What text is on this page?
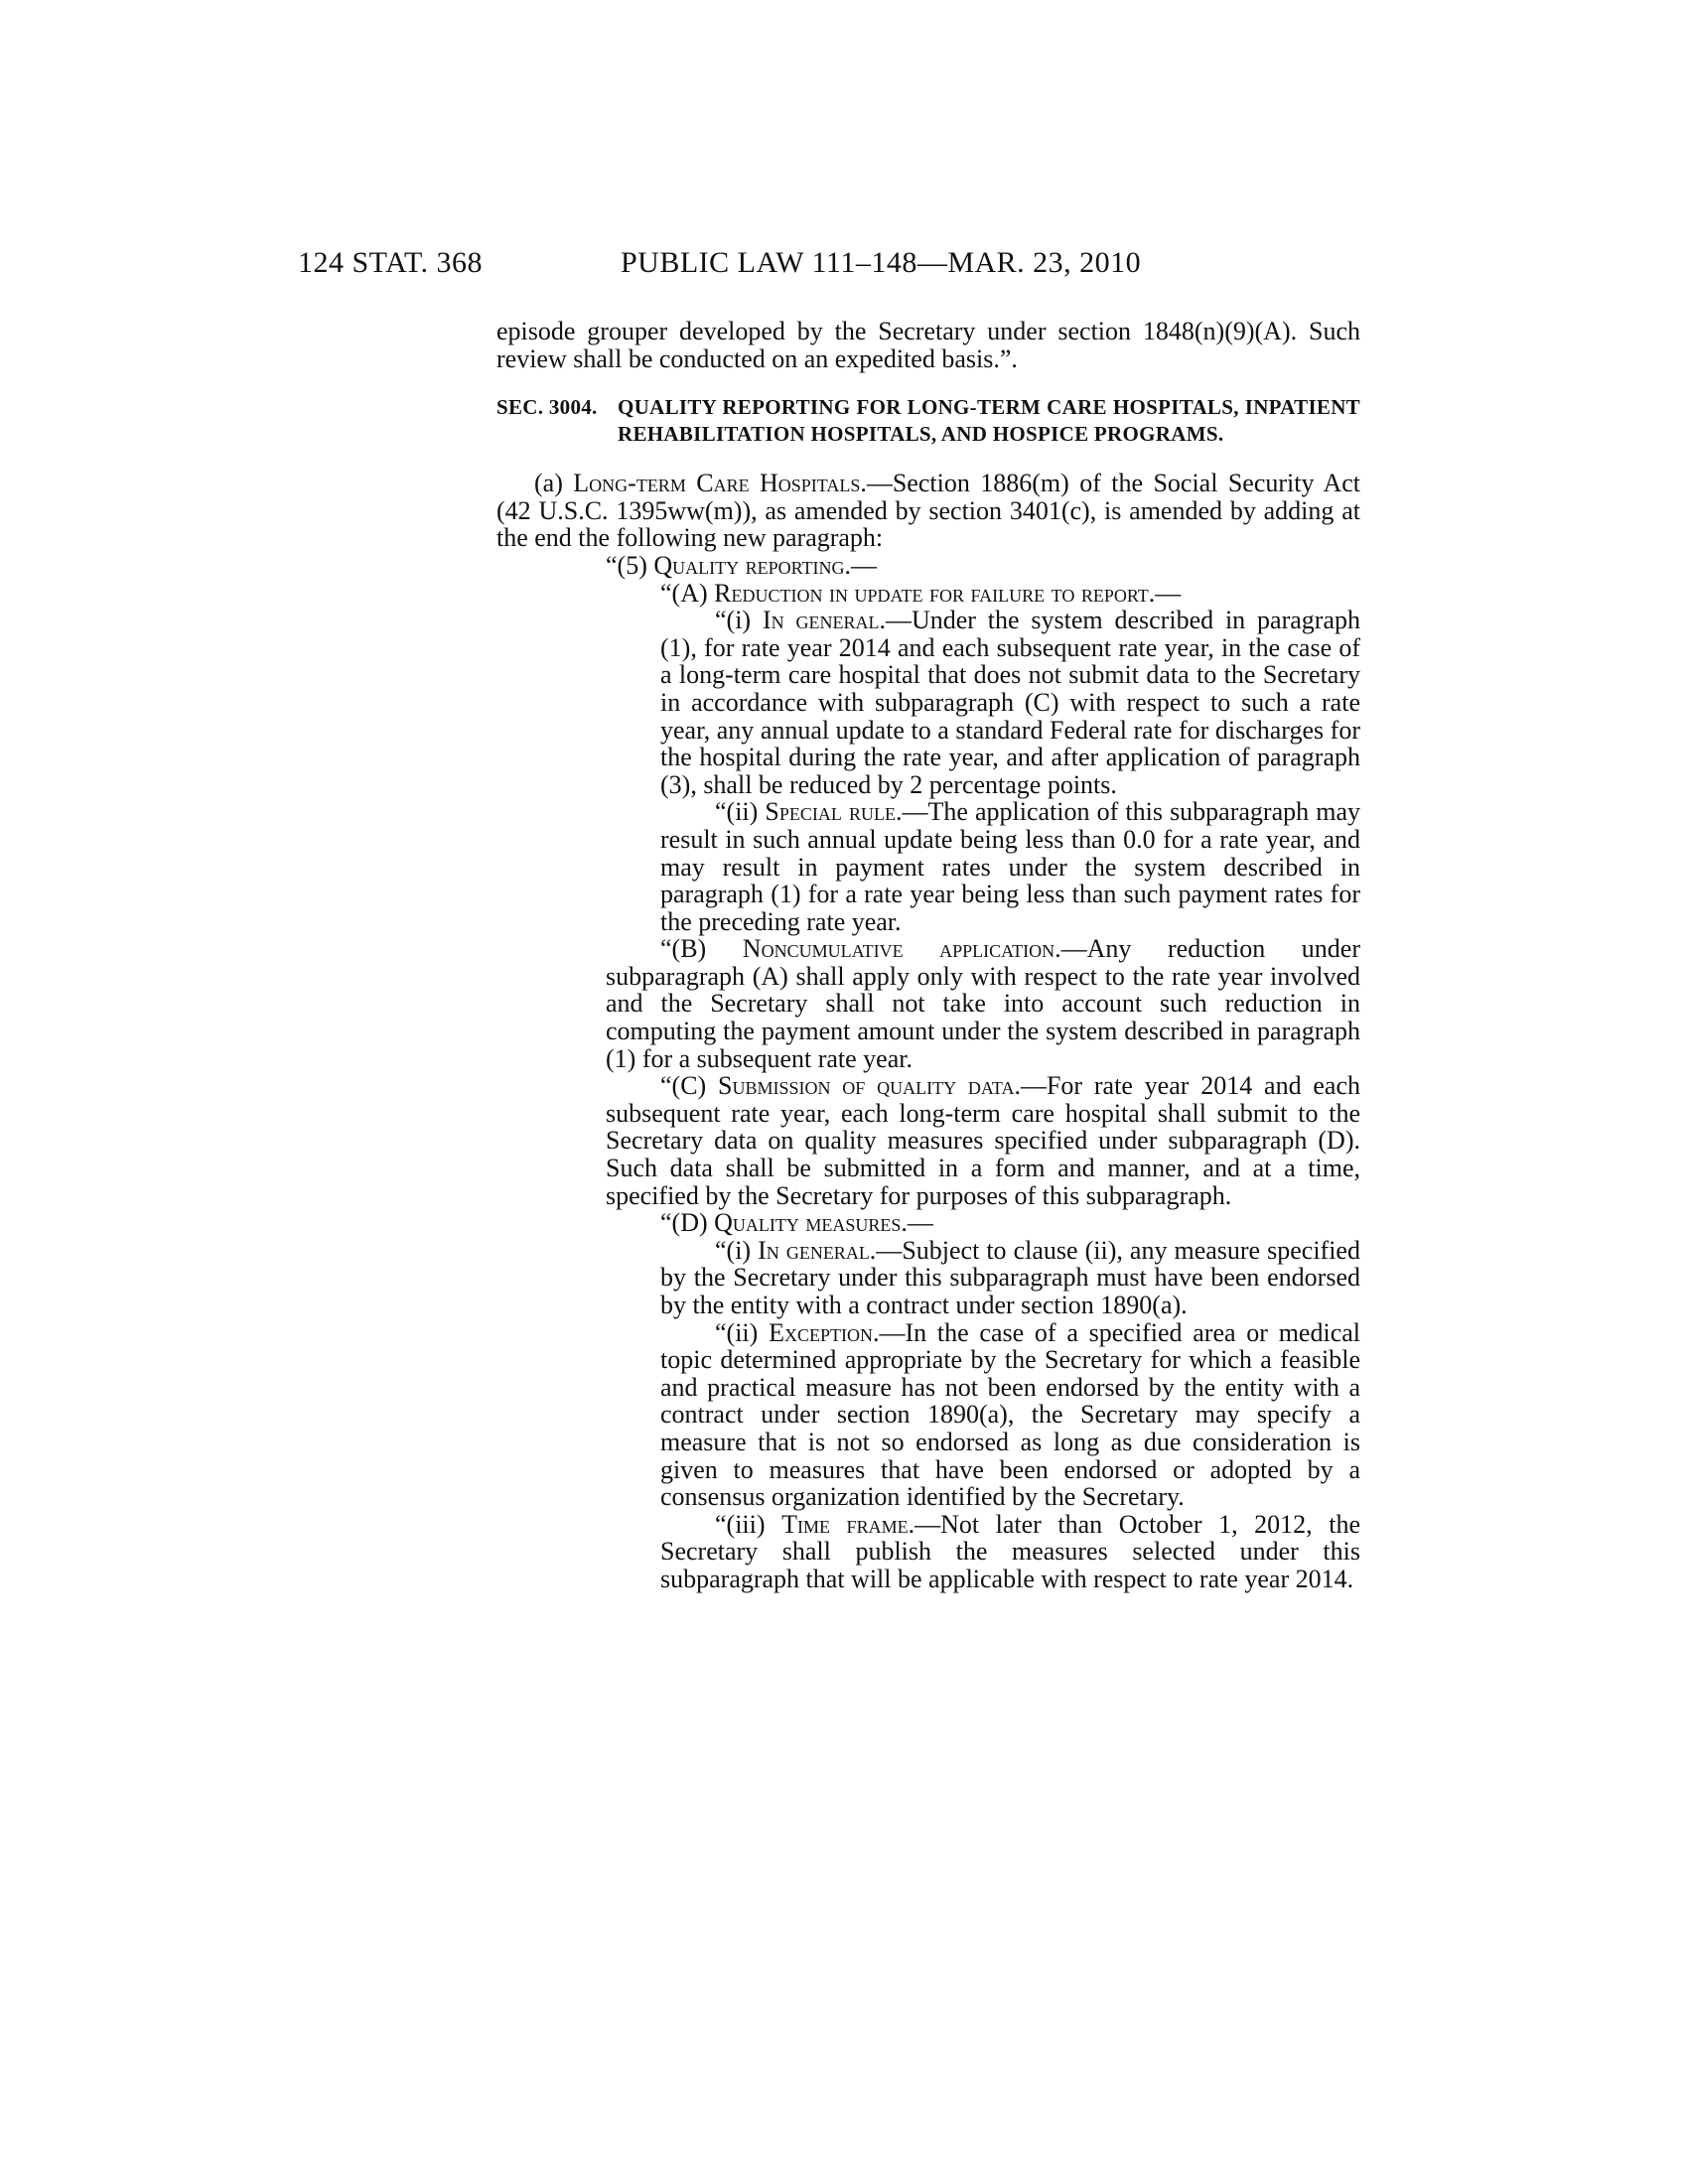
124 STAT. 368	PUBLIC LAW 111–148—MAR. 23, 2010

episode grouper developed by the Secretary under section 1848(n)(9)(A). Such review shall be conducted on an expedited basis.”.

SEC. 3004. QUALITY REPORTING FOR LONG-TERM CARE HOSPITALS, INPATIENT REHABILITATION HOSPITALS, AND HOSPICE PROGRAMS.

(a) Long-term Care Hospitals.—Section 1886(m) of the Social Security Act (42 U.S.C. 1395ww(m)), as amended by section 3401(c), is amended by adding at the end the following new paragraph:

“(5) Quality reporting.—

“(A) Reduction in update for failure to report.—

“(i) In general.—Under the system described in paragraph (1), for rate year 2014 and each subsequent rate year, in the case of a long-term care hospital that does not submit data to the Secretary in accordance with subparagraph (C) with respect to such a rate year, any annual update to a standard Federal rate for discharges for the hospital during the rate year, and after application of paragraph (3), shall be reduced by 2 percentage points.

“(ii) Special rule.—The application of this subparagraph may result in such annual update being less than 0.0 for a rate year, and may result in payment rates under the system described in paragraph (1) for a rate year being less than such payment rates for the preceding rate year.

“(B) Noncumulative application.—Any reduction under subparagraph (A) shall apply only with respect to the rate year involved and the Secretary shall not take into account such reduction in computing the payment amount under the system described in paragraph (1) for a subsequent rate year.

“(C) Submission of quality data.—For rate year 2014 and each subsequent rate year, each long-term care hospital shall submit to the Secretary data on quality measures specified under subparagraph (D). Such data shall be submitted in a form and manner, and at a time, specified by the Secretary for purposes of this subparagraph.

“(D) Quality measures.—

“(i) In general.—Subject to clause (ii), any measure specified by the Secretary under this subparagraph must have been endorsed by the entity with a contract under section 1890(a).

“(ii) Exception.—In the case of a specified area or medical topic determined appropriate by the Secretary for which a feasible and practical measure has not been endorsed by the entity with a contract under section 1890(a), the Secretary may specify a measure that is not so endorsed as long as due consideration is given to measures that have been endorsed or adopted by a consensus organization identified by the Secretary.

“(iii) Time frame.—Not later than October 1, 2012, the Secretary shall publish the measures selected under this subparagraph that will be applicable with respect to rate year 2014.
